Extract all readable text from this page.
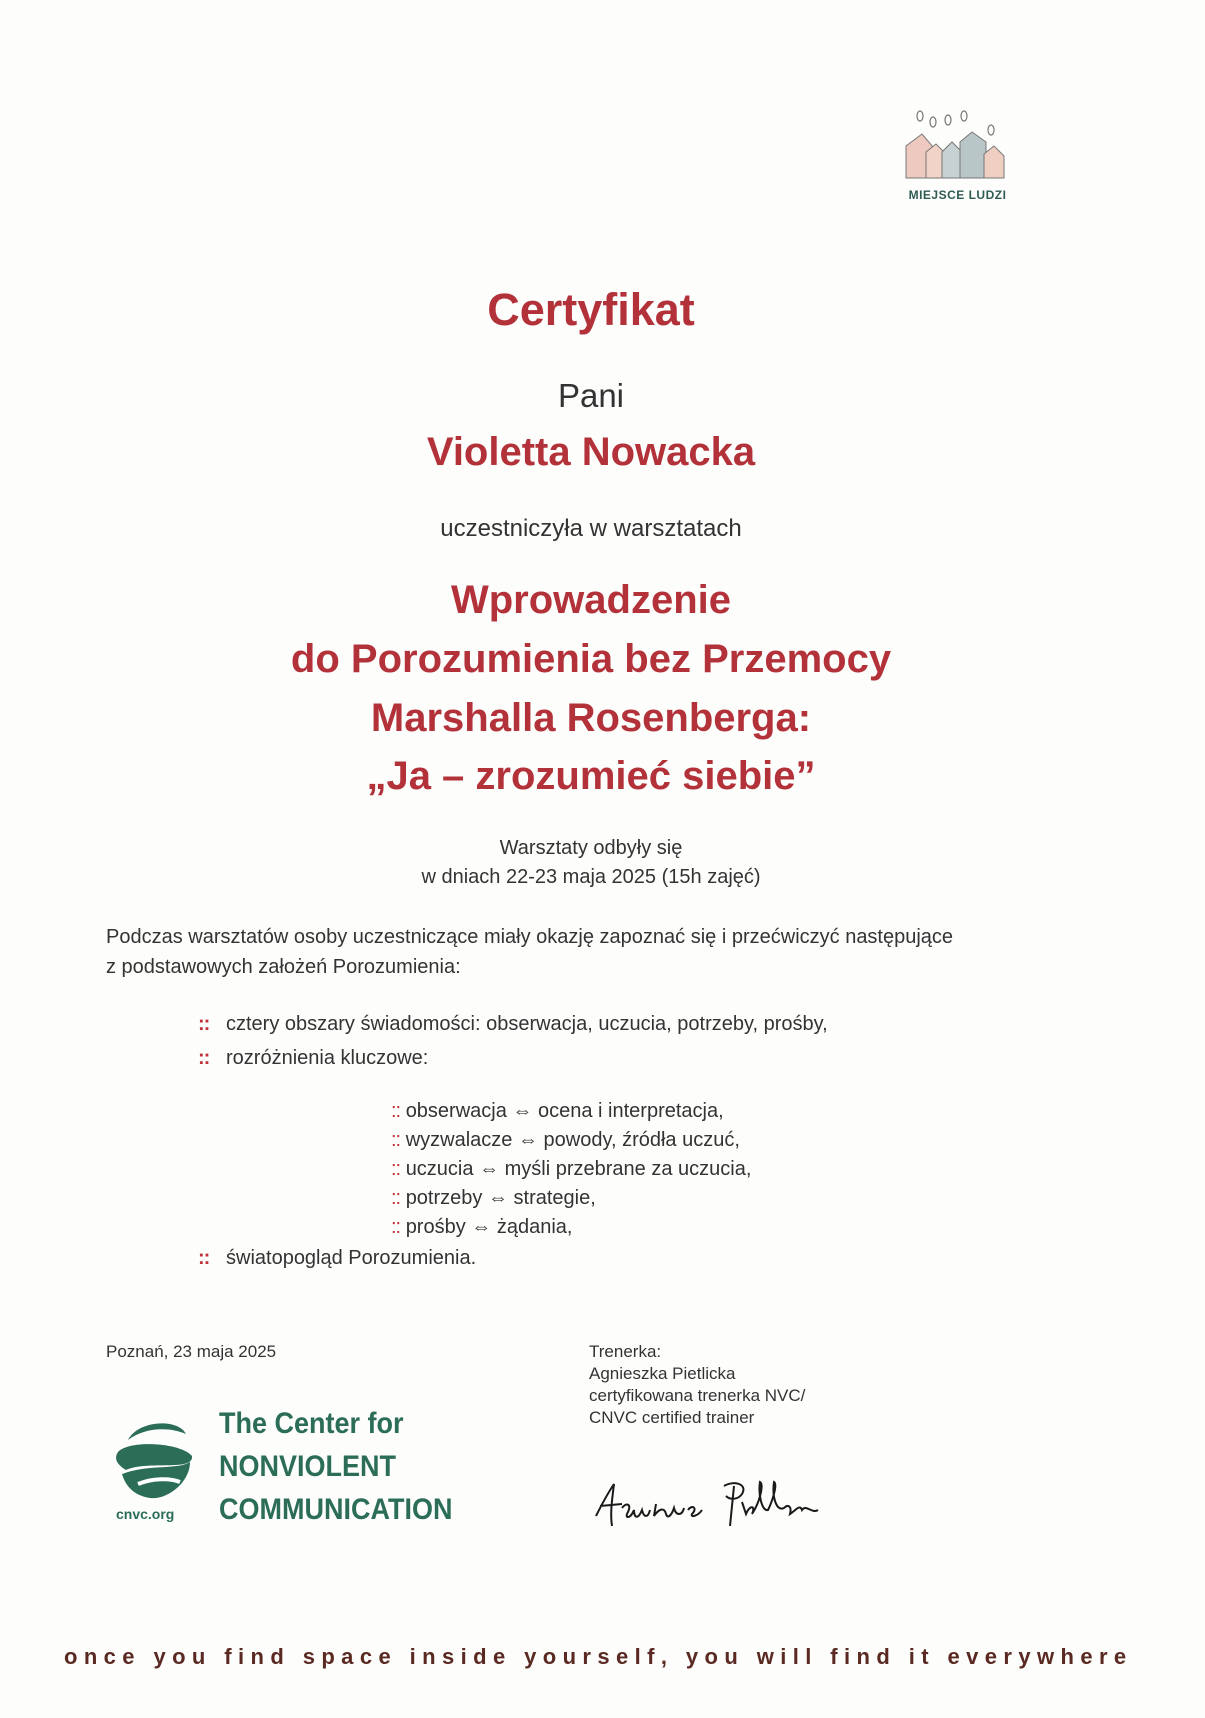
MIEJSCE LUDZI
Certyfikat
Pani
Violetta Nowacka
uczestniczyła w warsztatach
Wprowadzenie
do Porozumienia bez Przemocy
Marshalla Rosenberga:
„Ja – zrozumieć siebie”
Warsztaty odbyły się
w dniach 22-23 maja 2025 (15h zajęć)
Podczas warsztatów osoby uczestniczące miały okazję zapoznać się i przećwiczyć następujące
z podstawowych założeń Porozumienia:
:: cztery obszary świadomości: obserwacja, uczucia, potrzeby, prośby,
:: rozróżnienia kluczowe:
:: obserwacja ⇔ ocena i interpretacja,
:: wyzwalacze ⇔ powody, źródła uczuć,
:: uczucia ⇔ myśli przebrane za uczucia,
:: potrzeby ⇔ strategie,
:: prośby ⇔ żądania,
:: światopogląd Porozumienia.
Poznań, 23 maja 2025	Trenerka:
Agnieszka Pietlicka
certyfikowana trenerka NVC/
CNVC certified trainer
cnvc.org
The Center for
NONVIOLENT
COMMUNICATION
once you find space inside yourself, you will find it everywhere
